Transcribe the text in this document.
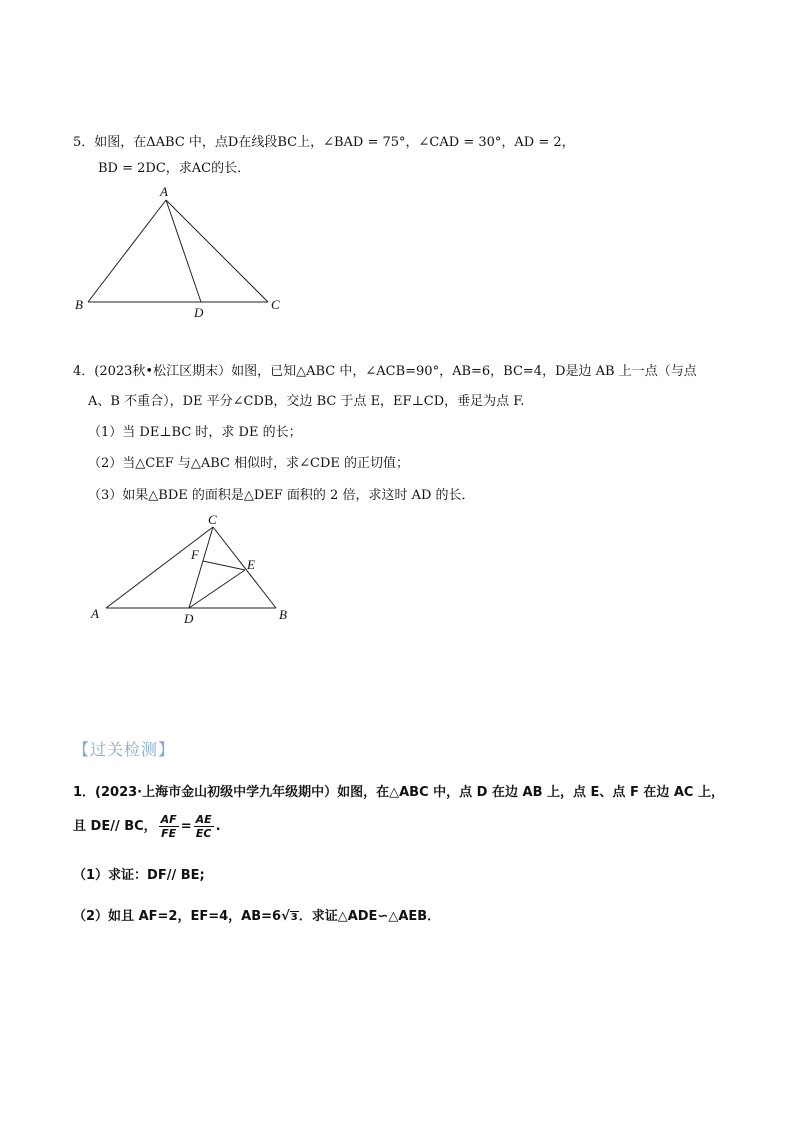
5．如图，在ΔABC 中，点D在线段BC上，∠BAD = 75°，∠CAD = 30°，AD = 2，
BD = 2DC，求AC的长．
A
B	C
D
4．(2023秋•松江区期末）如图，已知△ABC 中，∠ACB=90°，AB=6，BC=4，D是边 AB 上一点（与点
A、B 不重合），DE 平分∠CDB，交边 BC 于点 E，EF⊥CD，垂足为点 F.
（1）当 DE⊥BC 时，求 DE 的长；
（2）当△CEF 与△ABC 相似时，求∠CDE 的正切值；
（3）如果△BDE 的面积是△DEF 面积的 2 倍，求这时 AD 的长．
C
F
E
A	D	B
【过关检测】
1．(2023·上海市金山初级中学九年级期中）如图，在△ABC 中，点 D 在边 AB 上，点 E、点 F 在边 AC 上，
且 DE// BC， $\frac{AF}{FE} = \frac{AE}{EC}$ .
（1）求证：DF// BE;
（2）如且 AF=2，EF=4，AB=6√3．求证△ADE∽△AEB．
